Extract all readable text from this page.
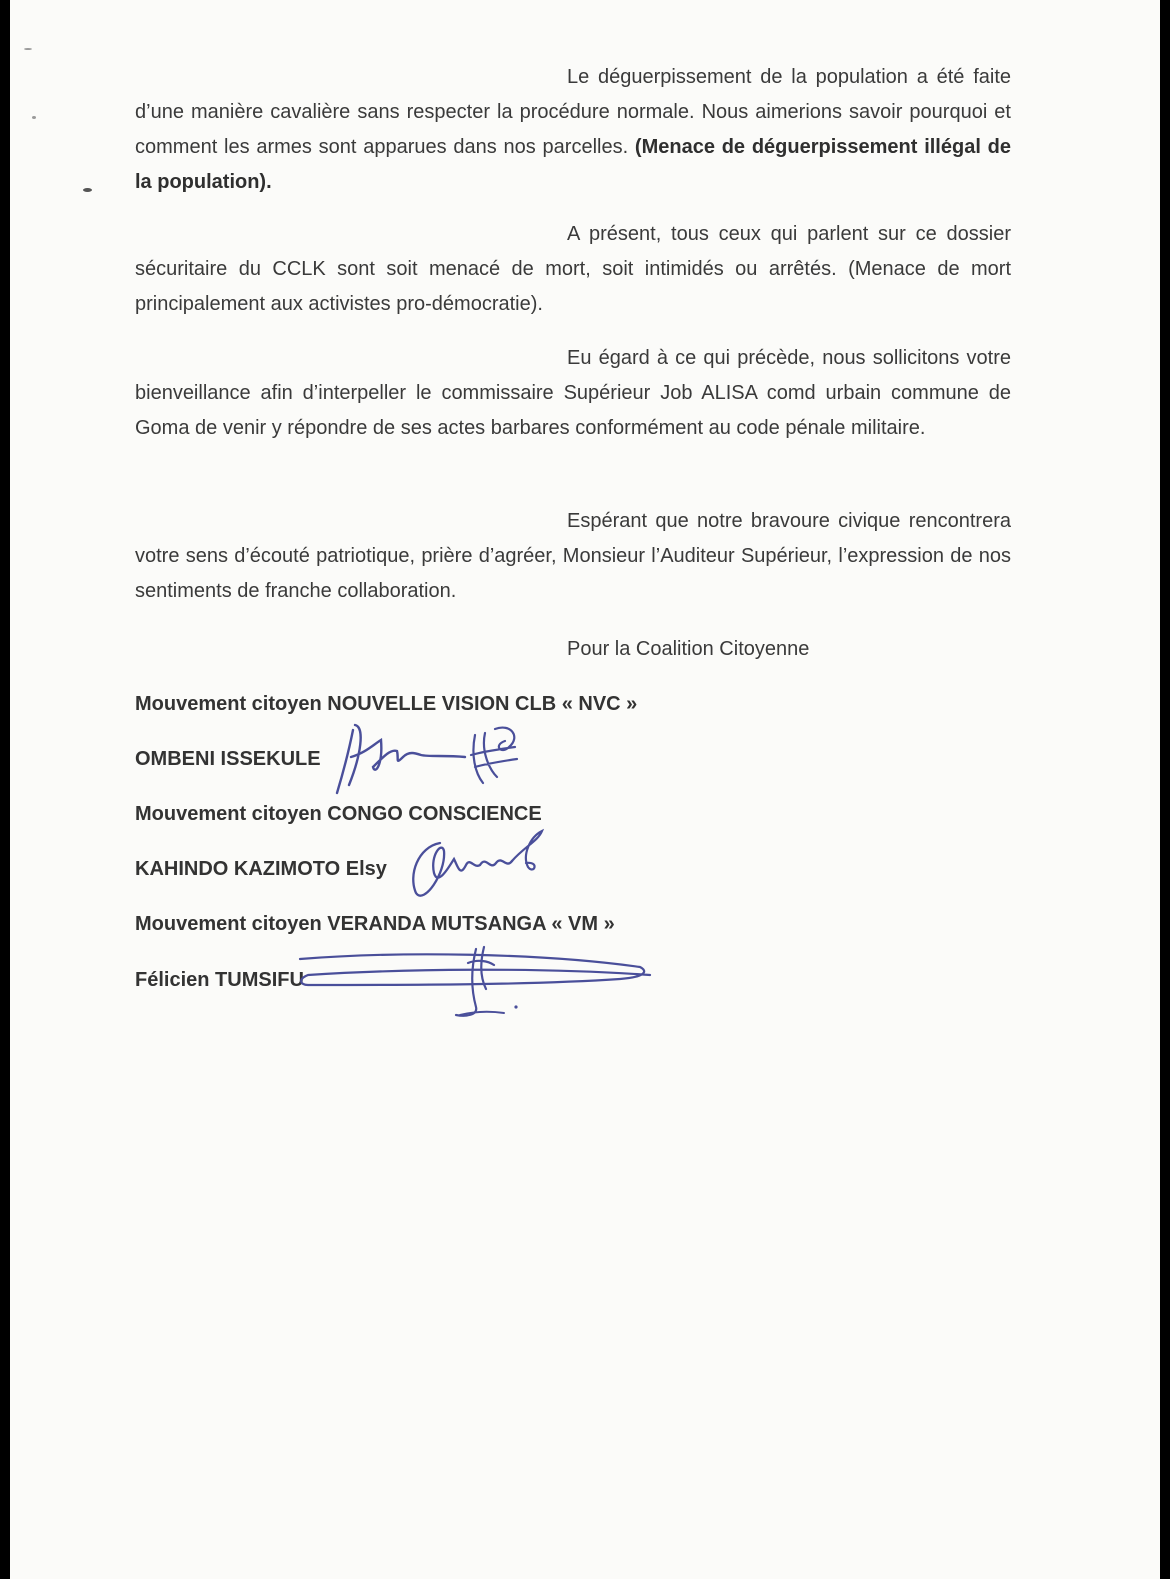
Le déguerpissement de la population a été faite d’une manière cavalière sans respecter la procédure normale. Nous aimerions savoir pourquoi et comment les armes sont apparues dans nos parcelles. (Menace de déguerpissement illégal de la population).

A présent, tous ceux qui parlent sur ce dossier sécuritaire du CCLK sont soit menacé de mort, soit intimidés ou arrêtés. (Menace de mort principalement aux activistes pro-démocratie).

Eu égard à ce qui précède, nous sollicitons votre bienveillance afin d’interpeller le commissaire Supérieur Job ALISA comd urbain commune de Goma de venir y répondre de ses actes barbares conformément au code pénale militaire.

Espérant que notre bravoure civique rencontrera votre sens d’écouté patriotique, prière d’agréer, Monsieur l’Auditeur Supérieur, l’expression de nos sentiments de franche collaboration.

Pour la Coalition Citoyenne
Mouvement citoyen NOUVELLE VISION CLB « NVC »
OMBENI ISSEKULE
Mouvement citoyen CONGO CONSCIENCE
KAHINDO KAZIMOTO Elsy
Mouvement citoyen VERANDA MUTSANGA « VM »
Félicien TUMSIFU
